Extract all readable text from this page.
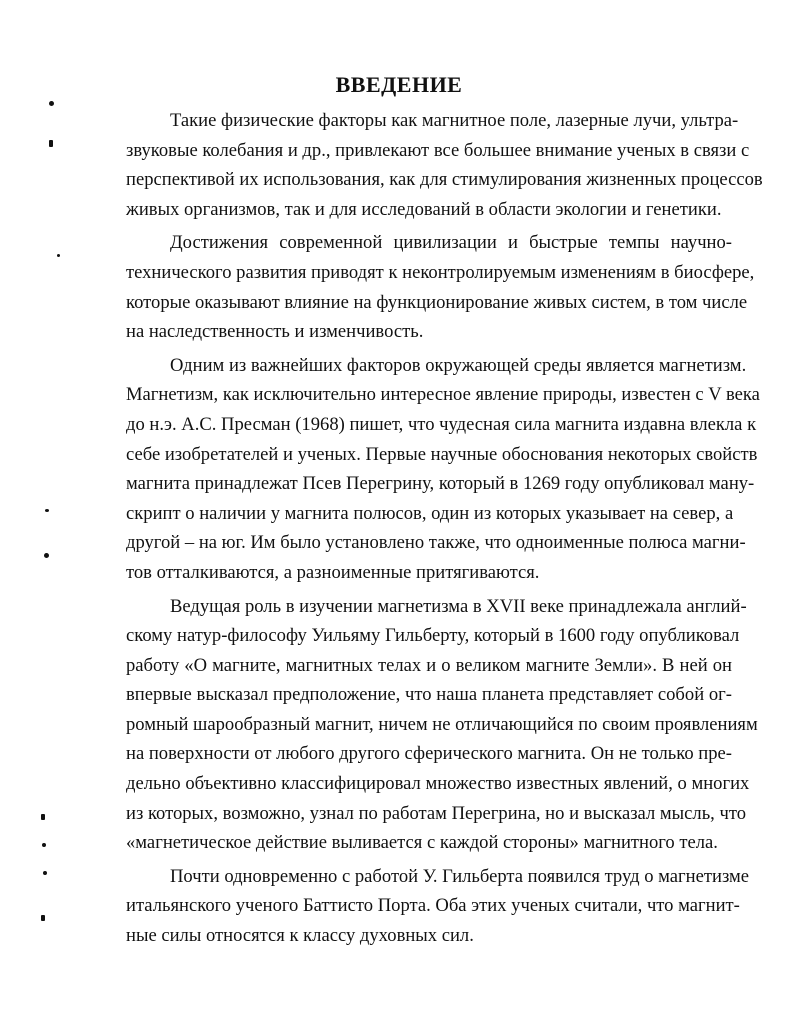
ВВЕДЕНИЕ
Такие физические факторы как магнитное поле, лазерные лучи, ультра-
звуковые колебания и др., привлекают все большее внимание ученых в связи с
перспективой их использования, как для стимулирования жизненных процессов
живых организмов, так и для исследований в области экологии и генетики.
Достижения современной цивилизации и быстрые темпы научно-
технического развития приводят к неконтролируемым изменениям в биосфере,
которые оказывают влияние на функционирование живых систем, в том числе
на наследственность и изменчивость.
Одним из важнейших факторов окружающей среды является магнетизм.
Магнетизм, как исключительно интересное явление природы, известен с V века
до н.э. А.С. Пресман (1968) пишет, что чудесная сила магнита издавна влекла к
себе изобретателей и ученых. Первые научные обоснования некоторых свойств
магнита принадлежат Псев Перегрину, который в 1269 году опубликовал ману-
скрипт о наличии у магнита полюсов, один из которых указывает на север, а
другой – на юг. Им было установлено также, что одноименные полюса магни-
тов отталкиваются, а разноименные притягиваются.
Ведущая роль в изучении магнетизма в XVII веке принадлежала англий-
скому натур-философу Уильяму Гильберту, который в 1600 году опубликовал
работу «О магните, магнитных телах и о великом магните Земли». В ней он
впервые высказал предположение, что наша планета представляет собой ог-
ромный шарообразный магнит, ничем не отличающийся по своим проявлениям
на поверхности от любого другого сферического магнита. Он не только пре-
дельно объективно классифицировал множество известных явлений, о многих
из которых, возможно, узнал по работам Перегрина, но и высказал мысль, что
«магнетическое действие выливается с каждой стороны» магнитного тела.
Почти одновременно с работой У. Гильберта появился труд о магнетизме
итальянского ученого Баттисто Порта. Оба этих ученых считали, что магнит-
ные силы относятся к классу духовных сил.
